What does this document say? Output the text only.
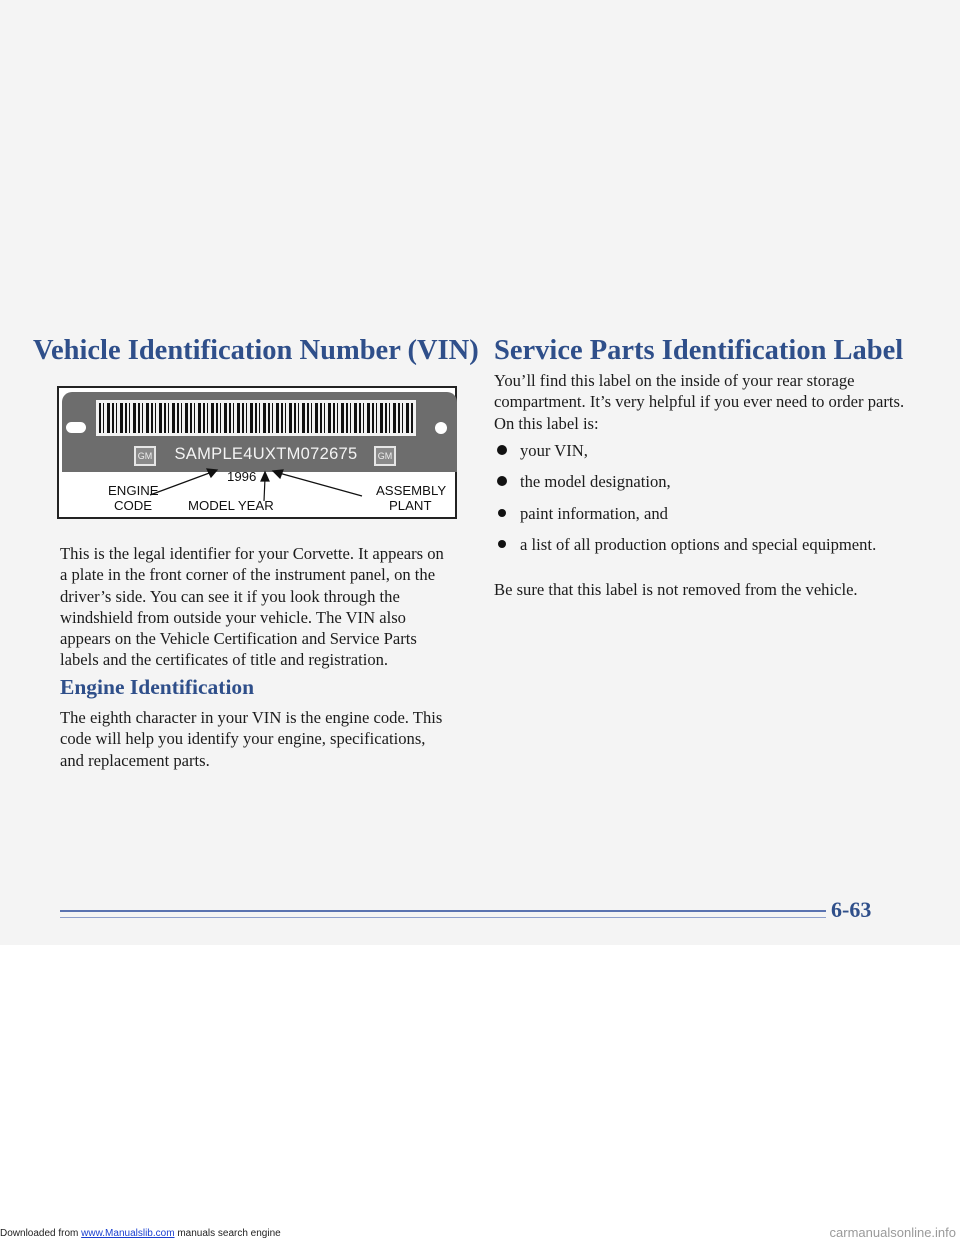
Vehicle Identification Number (VIN) Service Parts Identification Label
GM	SAMPLE4UXTM072675	GM
ENGINE
CODE
1996
MODEL YEAR
ASSEMBLY
PLANT

This is the legal identifier for your Corvette. It appears on a plate in the front corner of the instrument panel, on the driver’s side. You can see it if you look through the windshield from outside your vehicle. The VIN also appears on the Vehicle Certification and Service Parts labels and the certificates of title and registration.

Engine Identification

The eighth character in your VIN is the engine code. This code will help you identify your engine, specifications, and replacement parts.

You’ll find this label on the inside of your rear storage compartment. It’s very helpful if you ever need to order parts. On this label is:

your VIN,
the model designation,
paint information, and
a list of all production options and special equipment.

Be sure that this label is not removed from the vehicle.

6-63
Downloaded from www.Manualslib.com manuals search engine	carmanualsonline.info
